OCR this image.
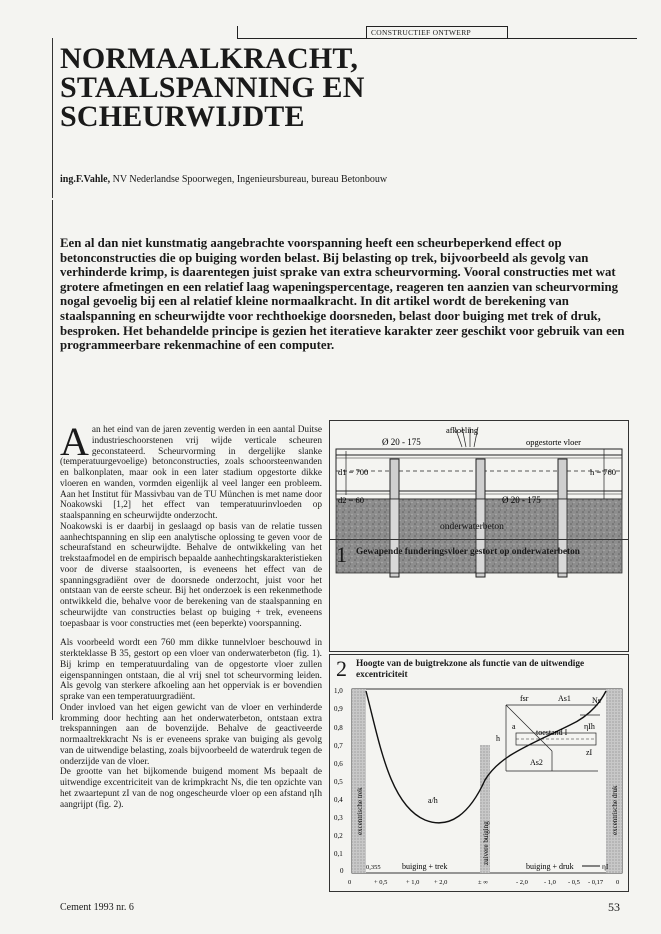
CONSTRUCTIEF ONTWERP
NORMAALKRACHT,
STAALSPANNING EN
SCHEURWIJDTE
ing.F.Vahle, NV Nederlandse Spoorwegen, Ingenieursbureau, bureau Betonbouw
Een al dan niet kunstmatig aangebrachte voorspanning heeft een scheurbeperkend effect op betonconstructies die op buiging worden belast. Bij belasting op trek, bijvoorbeeld als gevolg van verhinderde krimp, is daarentegen juist sprake van extra scheurvorming. Vooral constructies met wat grotere afmetingen en een relatief laag wapeningspercentage, reageren ten aanzien van scheurvorming nogal gevoelig bij een al relatief kleine normaalkracht. In dit artikel wordt de berekening van staalspanning en scheurwijdte voor rechthoekige doorsneden, belast door buiging met trek of druk, besproken. Het behandelde principe is gezien het iteratieve karakter zeer geschikt voor gebruik van een programmeerbare rekenmachine of een computer.

Aan het eind van de jaren zeventig werden in een aantal Duitse industrieschoorstenen vrij wijde verticale scheuren geconstateerd. Scheurvorming in dergelijke slanke (temperatuurgevoelige) betonconstructies, zoals schoorsteenwanden en balkonplaten, maar ook in een later stadium opgestorte dikke vloeren en wanden, vormden eigenlijk al veel langer een probleem. Aan het Institut für Massivbau van de TU München is met name door Noakowski [1,2] het effect van temperatuurinvloeden op staalspanning en scheurwijdte onderzocht.

Noakowski is er daarbij in geslaagd op basis van de relatie tussen aanhechtspanning en slip een analytische oplossing te geven voor de scheurafstand en scheurwijdte. Behalve de ontwikkeling van het trekstaafmodel en de empirisch bepaalde aanhechtingskarakteristieken voor de diverse staalsoorten, is eveneens het effect van de spanningsgradiënt over de doorsnede onderzocht, juist voor het ontstaan van de eerste scheur. Bij het onderzoek is een rekenmethode ontwikkeld die, behalve voor de berekening van de staalspanning en scheurwijdte van constructies belast op buiging + trek, eveneens toepasbaar is voor constructies met (een beperkte) voorspanning.

Als voorbeeld wordt een 760 mm dikke tunnelvloer beschouwd in sterkteklasse B 35, gestort op een vloer van onderwaterbeton (fig. 1). Bij krimp en temperatuurdaling van de opgestorte vloer zullen eigenspanningen ontstaan, die al vrij snel tot scheurvorming leiden. Als gevolg van sterkere afkoeling aan het opperviak is er bovendien sprake van een temperatuurgradiënt.

Onder invloed van het eigen gewicht van de vloer en verhinderde kromming door hechting aan het onderwaterbeton, ontstaan extra trekspanningen aan de bovenzijde. Behalve de geactiveerde normaaltrekkracht Ns is er eveneens sprake van buiging als gevolg van de uitwendige belasting, zoals bijvoorbeeld de waterdruk tegen de onderzijde van de vloer.

De grootte van het bijkomende buigend moment Ms bepaalt de uitwendige excentriciteit van de krimpkracht Ns, die ten opzichte van het zwaartepunt zI van de nog ongescheurde vloer op een afstand ηIh aangrijpt (fig. 2).

Ø 20 - 175
afkoeling
opgestorte vloer
d1 = 700	h = 760
d2 = 60	Ø 20 - 175
onderwaterbeton
1 Gewapende funderingsvloer gestort op onderwaterbeton
2 Hoogte van de buigtrekzone als functie van de uitwendige excentriciteit
fsr	As1	Ns
toestand I
h
a
As2
ηIh
zI
1,0
0,9
0,8
0,7
0,6
0,5
0,4
0,3
0,2
0,1
0
0	+ 0,5	+ 1,0 + 2,0	± ∞	- 2,0 - 1,0 - 0,5 - 0,17 0
excentrische trek	excentrische druk
zuivere buiging
a/h
0,355	buiging + trek	buiging + druk	ηI
Cement 1993 nr. 6	53
